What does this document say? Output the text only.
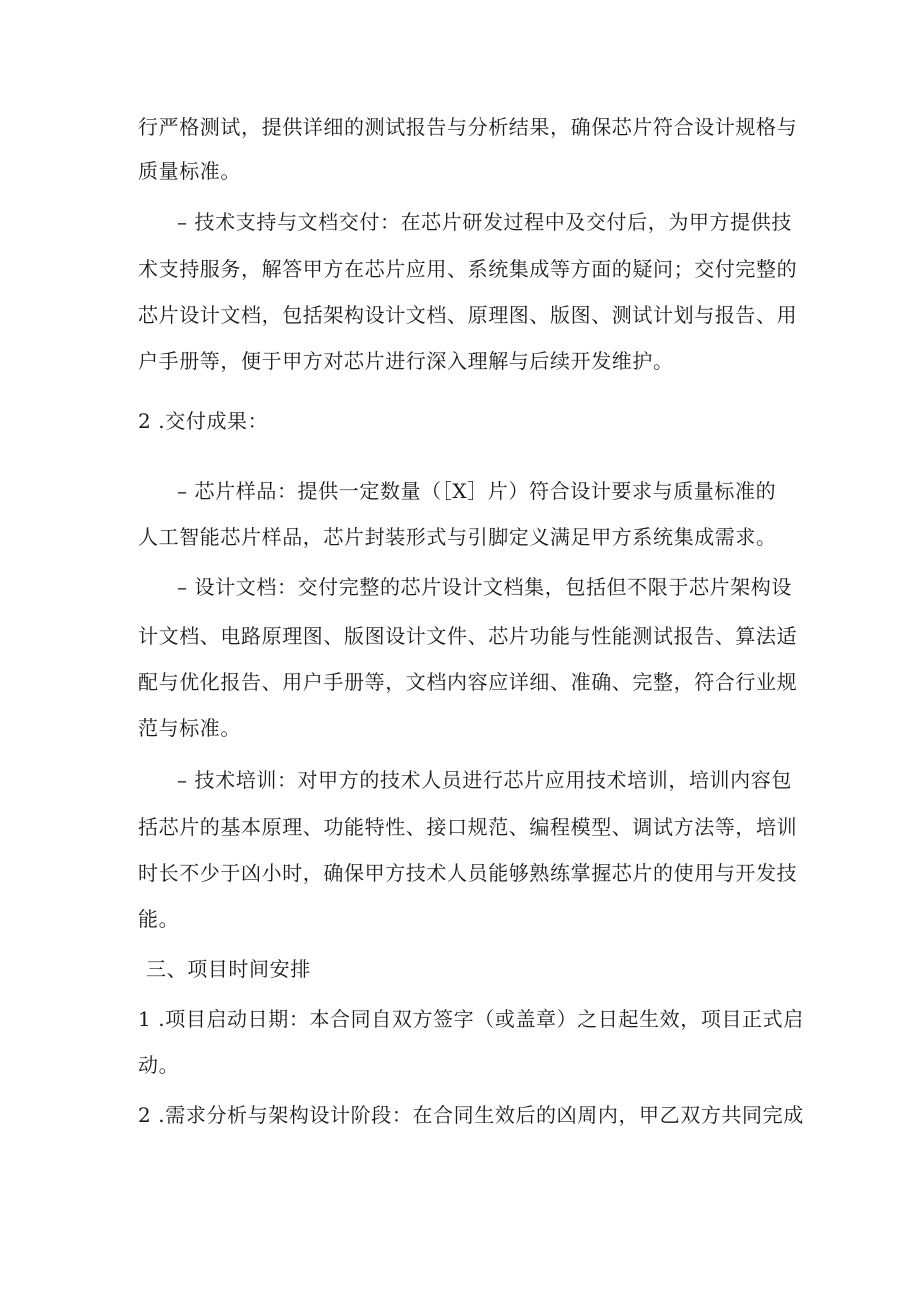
行严格测试，提供详细的测试报告与分析结果，确保芯片符合设计规格与
质量标准。
– 技术支持与文档交付：在芯片研发过程中及交付后，为甲方提供技
术支持服务，解答甲方在芯片应用、系统集成等方面的疑问；交付完整的
芯片设计文档，包括架构设计文档、原理图、版图、测试计划与报告、用
户手册等，便于甲方对芯片进行深入理解与后续开发维护。
2 .交付成果：
– 芯片样品：提供一定数量（［X］片）符合设计要求与质量标准的
人工智能芯片样品，芯片封装形式与引脚定义满足甲方系统集成需求。
– 设计文档：交付完整的芯片设计文档集，包括但不限于芯片架构设
计文档、电路原理图、版图设计文件、芯片功能与性能测试报告、算法适
配与优化报告、用户手册等，文档内容应详细、准确、完整，符合行业规
范与标准。
– 技术培训：对甲方的技术人员进行芯片应用技术培训，培训内容包
括芯片的基本原理、功能特性、接口规范、编程模型、调试方法等，培训
时长不少于凶小时，确保甲方技术人员能够熟练掌握芯片的使用与开发技
能。
三、项目时间安排
1 .项目启动日期：本合同自双方签字（或盖章）之日起生效，项目正式启
动。
2 .需求分析与架构设计阶段：在合同生效后的凶周内，甲乙双方共同完成
